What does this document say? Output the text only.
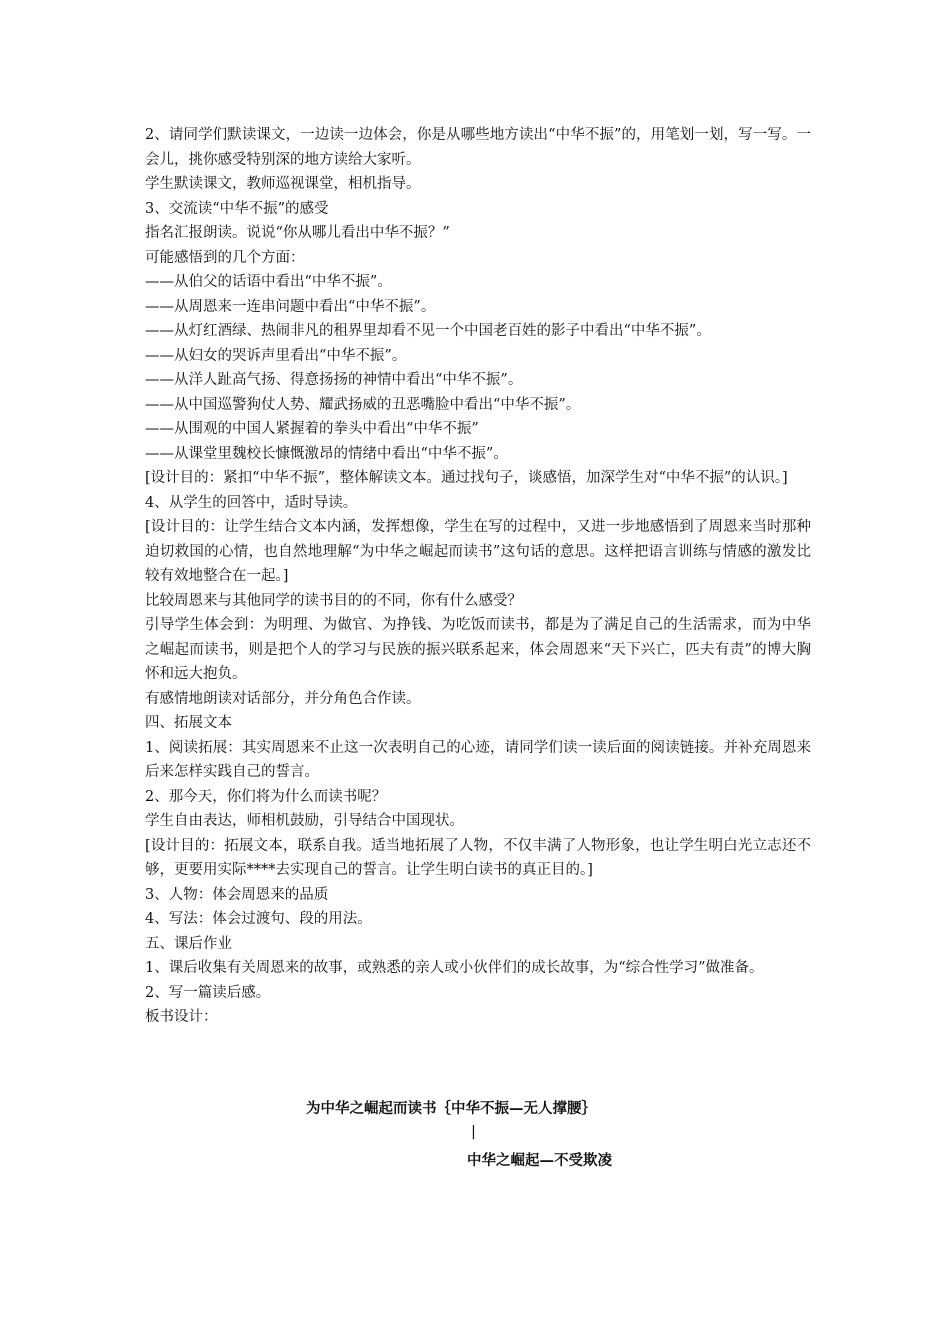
2、请同学们默读课文，一边读一边体会，你是从哪些地方读出“中华不振”的，用笔划一划，写一写。一会儿，挑你感受特别深的地方读给大家听。

学生默读课文，教师巡视课堂，相机指导。

3、交流读“中华不振”的感受

指名汇报朗读。说说“你从哪儿看出中华不振？”

可能感悟到的几个方面：

——从伯父的话语中看出“中华不振”。

——从周恩来一连串问题中看出“中华不振”。

——从灯红酒绿、热闹非凡的租界里却看不见一个中国老百姓的影子中看出“中华不振”。

——从妇女的哭诉声里看出“中华不振”。

——从洋人趾高气扬、得意扬扬的神情中看出“中华不振”。

——从中国巡警狗仗人势、耀武扬威的丑恶嘴脸中看出“中华不振”。

——从围观的中国人紧握着的拳头中看出“中华不振”

——从课堂里魏校长慷慨激昂的情绪中看出“中华不振”。

[设计目的：紧扣“中华不振”，整体解读文本。通过找句子，谈感悟，加深学生对“中华不振”的认识。]

4、从学生的回答中，适时导读。

[设计目的：让学生结合文本内涵，发挥想像，学生在写的过程中，又进一步地感悟到了周恩来当时那种迫切救国的心情，也自然地理解“为中华之崛起而读书”这句话的意思。这样把语言训练与情感的激发比较有效地整合在一起。]

比较周恩来与其他同学的读书目的的不同，你有什么感受？

引导学生体会到：为明理、为做官、为挣钱、为吃饭而读书，都是为了满足自己的生活需求，而为中华之崛起而读书，则是把个人的学习与民族的振兴联系起来，体会周恩来“天下兴亡，匹夫有责”的博大胸怀和远大抱负。

有感情地朗读对话部分，并分角色合作读。

四、拓展文本

1、阅读拓展：其实周恩来不止这一次表明自己的心迹，请同学们读一读后面的阅读链接。并补充周恩来后来怎样实践自己的誓言。

2、那今天，你们将为什么而读书呢？

学生自由表达，师相机鼓励，引导结合中国现状。

[设计目的：拓展文本，联系自我。适当地拓展了人物，不仅丰满了人物形象，也让学生明白光立志还不够，更要用实际****去实现自己的誓言。让学生明白读书的真正目的。]

3、人物：体会周恩来的品质

4、写法：体会过渡句、段的用法。

五、课后作业

1、课后收集有关周恩来的故事，或熟悉的亲人或小伙伴们的成长故事，为“综合性学习”做准备。

2、写一篇读后感。

板书设计：

为中华之崛起而读书｛中华不振—无人撑腰｝
|
中华之崛起—不受欺凌
